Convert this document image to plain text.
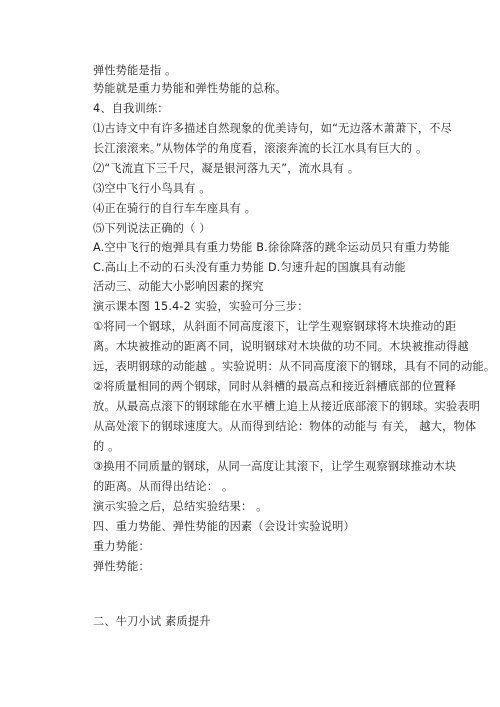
弹性势能是指 。
势能就是重力势能和弹性势能的总称。
4、自我训练：
⑴古诗文中有许多描述自然现象的优美诗句，如“无边落木萧萧下，不尽
长江滚滚来。”从物体学的角度看，滚滚奔流的长江水具有巨大的 。
⑵“飞流直下三千尺，凝是银河落九天”，流水具有 。
⑶空中飞行小鸟具有 。
⑷正在骑行的自行车车座具有 。
⑸下列说法正确的（ ）
A.空中飞行的炮弹具有重力势能 B.徐徐降落的跳伞运动员只有重力势能
C.高山上不动的石头没有重力势能 D.匀速升起的国旗具有动能
活动三、动能大小影响因素的探究
演示课本图 15.4-2 实验，实验可分三步：
①将同一个钢球，从斜面不同高度滚下，让学生观察钢球将木块推动的距
离。木块被推动的距离不同，说明钢球对木块做的功不同。木块被推动得越
远，表明钢球的动能越 。实验说明：从不同高度滚下的钢球，具有不同的动能。
②将质量相同的两个钢球，同时从斜槽的最高点和接近斜槽底部的位置释
放。从最高点滚下的钢球能在水平槽上追上从接近底部滚下的钢球。实验表明
从高处滚下的钢球速度大。从而得到结论：物体的动能与 有关， 越大，物体
的 。
③换用不同质量的钢球，从同一高度让其滚下，让学生观察钢球推动木块
的距离。从而得出结论： 。
演示实验之后，总结实验结果： 。
四、重力势能、弹性势能的因素（会设计实验说明）
重力势能：
弹性势能：
二、牛刀小试 素质提升
